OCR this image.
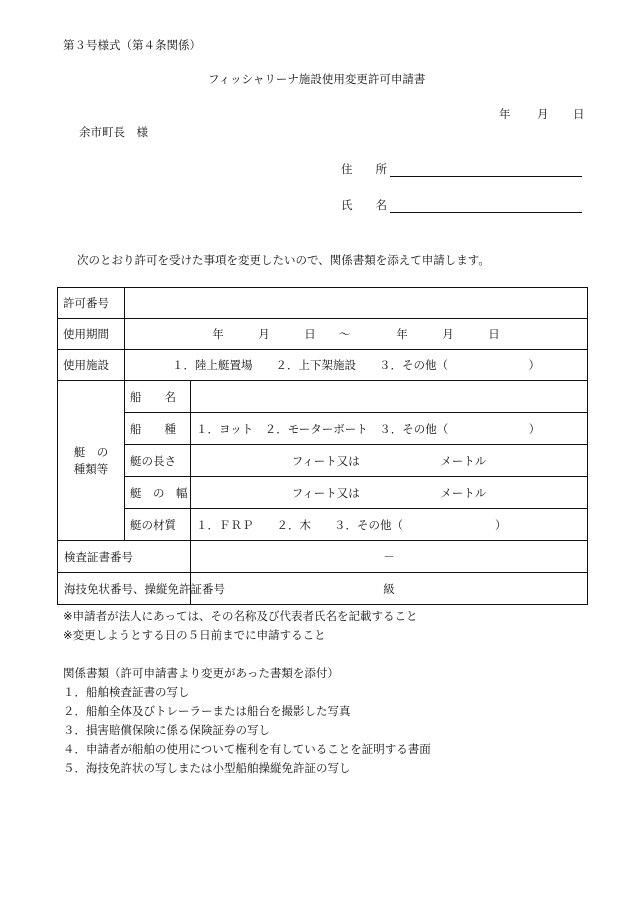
第３号様式（第４条関係）
フィッシャリーナ施設使用変更許可申請書
年 月 日
余市町長　様
住　　所
氏　　名
次のとおり許可を受けた事項を変更したいので、関係書類を添えて申請します。
許可番号		
使用期間	年　　　月　　　日　　～　　　　年　　　月　　　日	
使用施設	１．陸上艇置場　　２．上下架施設　　３．その他（　　　　　　　）	

艇　の
種類等	船　　名	
	船　　種	１．ヨット　２．モーターボート　３．その他（　　　　　　　）
	艇の長さ	フィート又は　　　　　　　メートル
	艇　の　幅	フィート又は　　　　　　　メートル
	艇の材質	１．ＦＲＰ　　２．木　　３．その他（　　　　　　　　）
検査証書番号		－
海技免状番号、操縦免許証番号		級
※申請者が法人にあっては、その名称及び代表者氏名を記載すること
※変更しようとする日の５日前までに申請すること
関係書類（許可申請書より変更があった書類を添付）
１．船舶検査証書の写し
２．船舶全体及びトレーラーまたは船台を撮影した写真
３．損害賠償保険に係る保険証券の写し
４．申請者が船舶の使用について権利を有していることを証明する書面
５．海技免許状の写しまたは小型船舶操縦免許証の写し
